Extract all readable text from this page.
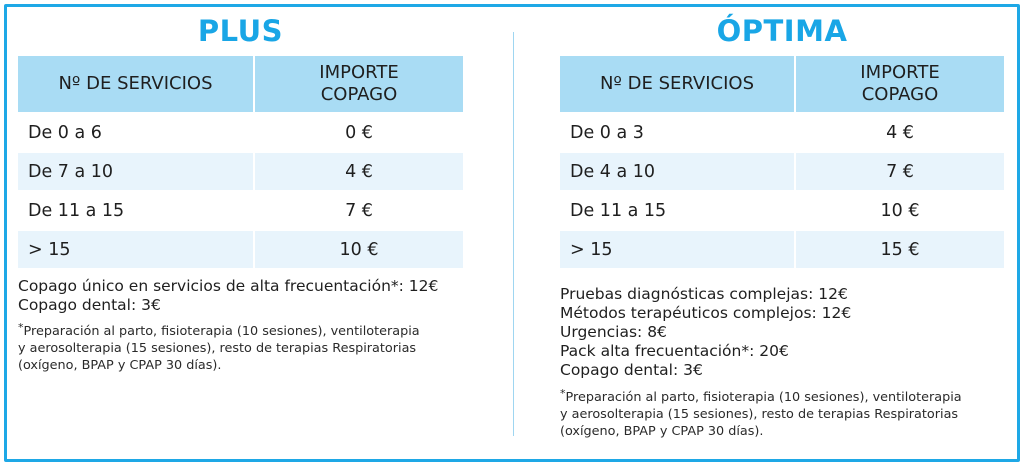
PLUS
Nº DE SERVICIOS	IMPORTE
COPAGO
De 0 a 6	0 €
De 7 a 10	4 €
De 11 a 15	7 €
> 15	10 €
Copago único en servicios de alta frecuentación*: 12€
Copago dental: 3€
*Preparación al parto, fisioterapia (10 sesiones), ventiloterapia
y aerosolterapia (15 sesiones), resto de terapias Respiratorias
(oxígeno, BPAP y CPAP 30 días).
ÓPTIMA
Nº DE SERVICIOS	IMPORTE
COPAGO
De 0 a 3	4 €
De 4 a 10	7 €
De 11 a 15	10 €
> 15	15 €
Pruebas diagnósticas complejas: 12€
Métodos terapéuticos complejos: 12€
Urgencias: 8€
Pack alta frecuentación*: 20€
Copago dental: 3€
*Preparación al parto, fisioterapia (10 sesiones), ventiloterapia
y aerosolterapia (15 sesiones), resto de terapias Respiratorias
(oxígeno, BPAP y CPAP 30 días).
